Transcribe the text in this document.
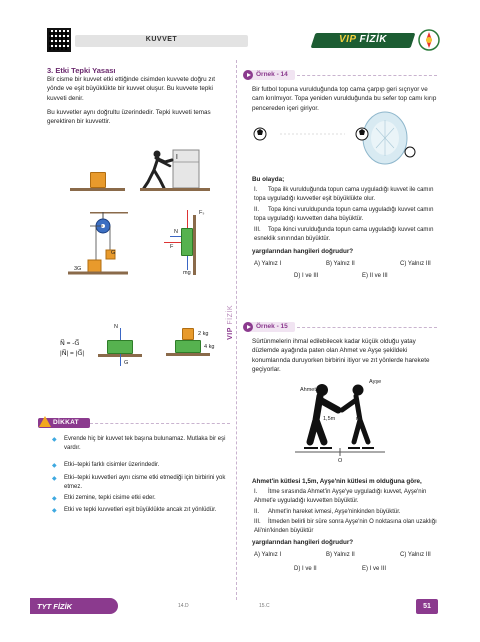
KUVVET	VIP FİZİK
VIP FİZİK
3. Etki Tepki Yasası
Bir cisme bir kuvvet etki ettiğinde cisimden kuvvete doğru zıt yönde ve eşit büyüklükte bir kuvvet oluşur. Bu kuvvete tepki kuvveti denir.
Bu kuvvetler aynı doğrultu üzerindedir. Tepki kuvveti temas gerektiren bir kuvvettir.
G
3G
Fₛ
N
F
mg
N⃗ = -G⃗
|N⃗| = |G⃗|
N
G
2 kg
4 kg
DİKKAT
◆ Evrende hiç bir kuvvet tek başına bulunamaz. Mutlaka bir eşi vardır.
◆ Etki–tepki farklı cisimler üzerindedir.
◆ Etki–tepki kuvvetleri aynı cisme etki etmediği için birbirini yok etmez.
◆ Etki zemine, tepki cisime etki eder.
◆ Etki ve tepki kuvvetleri eşit büyüklükte ancak zıt yönlüdür.
Örnek - 14
Bir futbol topuna vurulduğunda top cama çarpıp geri sıçrıyor ve cam kırılmıyor. Topa yeniden vurulduğunda bu sefer top camı kırıp pencereden içeri giriyor.
Bu olayda;
I. Topa ilk vurulduğunda topun cama uyguladığı kuvvet ile camın topa uyguladığı kuvvetler eşit büyüklükte olur.
II. Topa ikinci vuruldupunda topun cama uyguladığı kuvvet camın topa uyguladığı kuvvetten daha büyüktür.
III. Topa ikinci vurulduğunda topun cama uyguladığı kuvvet camın esneklik sınırından büyüktür.
yargılarından hangileri doğrudur?
A) Yalnız I	B) Yalnız II	C) Yalnız III
D) I ve III	E) II ve III
Örnek - 15
Sürtünmelerin ihmal edilebilecek kadar küçük olduğu yatay düzlemde ayağında paten olan Ahmet ve Ayşe şekildeki konumlarında duruyorken birbirini itiyor ve zıt yönlerde harekete geçiyorlar.
Ahmet
Ayşe
1,5m	m
O
Ahmet'in kütlesi 1,5m, Ayşe'nin kütlesi m olduğuna göre,
I. İtme sırasında Ahmet'in Ayşe'ye uyguladığı kuvvet, Ayşe'nin Ahmet'e uyguladığı kuvvetten büyüktür.
II. Ahmet'in hareket ivmesi, Ayşe'ninkinden büyüktür.
III. İtmeden belirli bir süre sonra Ayşe'nin O noktasına olan uzaklığı Ali'nin'kinden büyüktür
yargılarından hangileri doğrudur?
A) Yalnız I	B) Yalnız II	C) Yalnız III
D) I ve II	E) I ve III
TYT FİZİK	14.D	15.C	51
